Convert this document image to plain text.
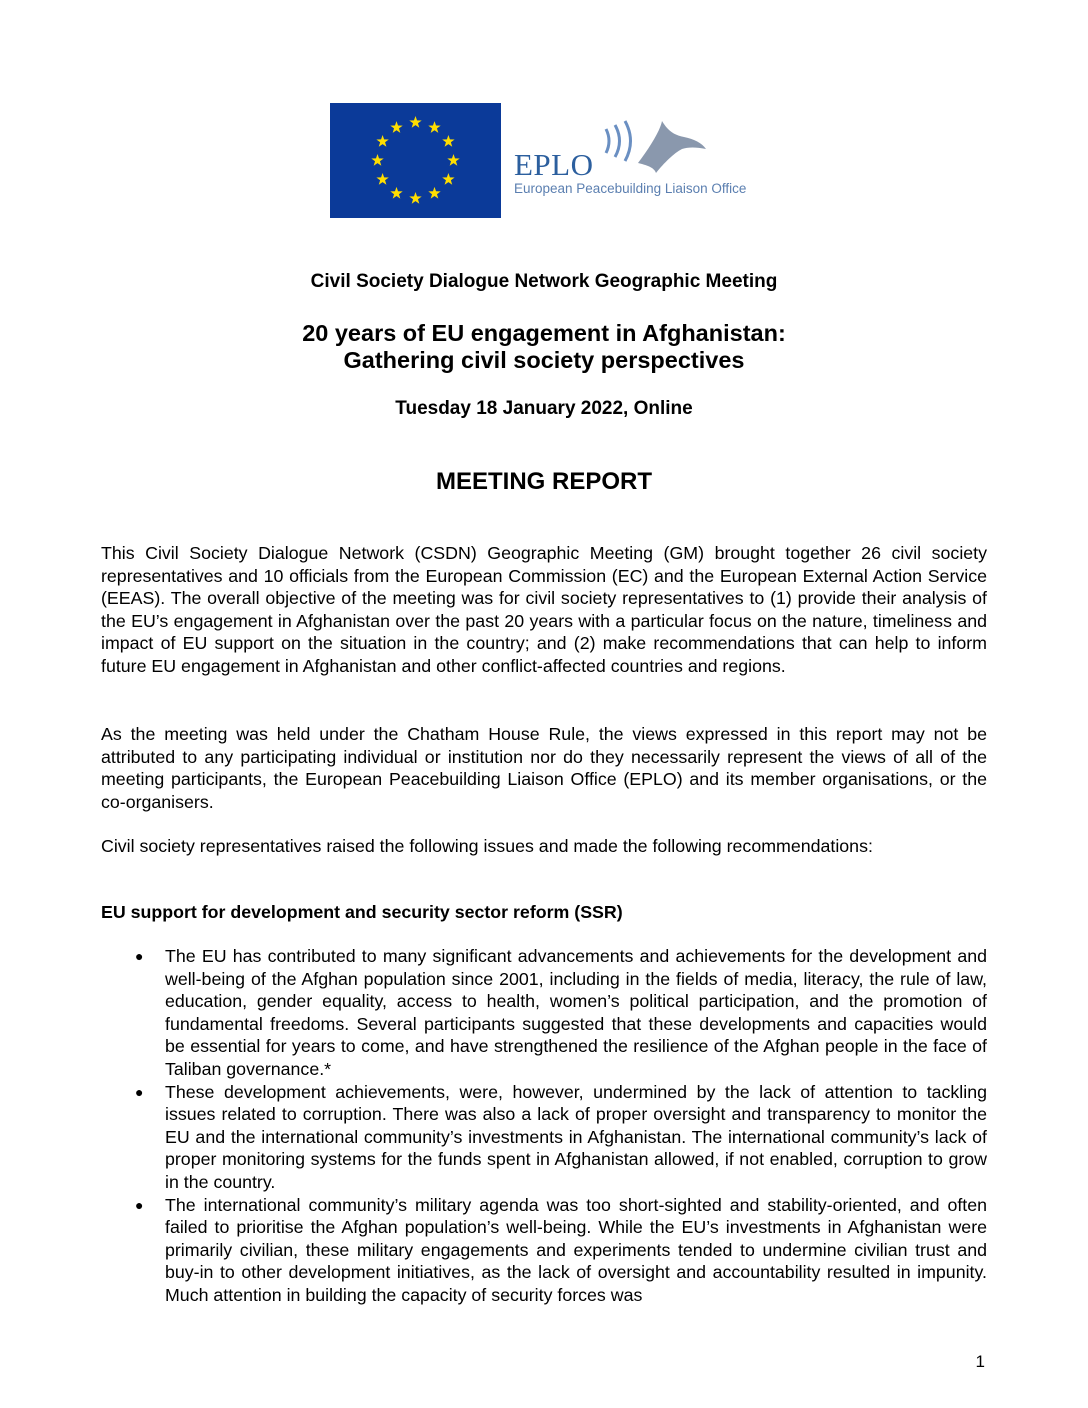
EPLO
European Peacebuilding Liaison Office
Civil Society Dialogue Network Geographic Meeting
20 years of EU engagement in Afghanistan:
Gathering civil society perspectives
Tuesday 18 January 2022, Online
MEETING REPORT

This Civil Society Dialogue Network (CSDN) Geographic Meeting (GM) brought together 26 civil society representatives and 10 officials from the European Commission (EC) and the European External Action Service (EEAS). The overall objective of the meeting was for civil society representatives to (1) provide their analysis of the EU’s engagement in Afghanistan over the past 20 years with a particular focus on the nature, timeliness and impact of EU support on the situation in the country; and (2) make recommendations that can help to inform future EU engagement in Afghanistan and other conflict-affected countries and regions.

As the meeting was held under the Chatham House Rule, the views expressed in this report may not be attributed to any participating individual or institution nor do they necessarily represent the views of all of the meeting participants, the European Peacebuilding Liaison Office (EPLO) and its member organisations, or the co-organisers.

Civil society representatives raised the following issues and made the following recommendations:

EU support for development and security sector reform (SSR)
● The EU has contributed to many significant advancements and achievements for the development and well-being of the Afghan population since 2001, including in the fields of media, literacy, the rule of law, education, gender equality, access to health, women’s political participation, and the promotion of fundamental freedoms. Several participants suggested that these developments and capacities would be essential for years to come, and have strengthened the resilience of the Afghan people in the face of Taliban governance.*
● These development achievements, were, however, undermined by the lack of attention to tackling issues related to corruption. There was also a lack of proper oversight and transparency to monitor the EU and the international community’s investments in Afghanistan. The international community’s lack of proper monitoring systems for the funds spent in Afghanistan allowed, if not enabled, corruption to grow in the country.
● The international community’s military agenda was too short-sighted and stability-oriented, and often failed to prioritise the Afghan population’s well-being. While the EU’s investments in Afghanistan were primarily civilian, these military engagements and experiments tended to undermine civilian trust and buy-in to other development initiatives, as the lack of oversight and accountability resulted in impunity. Much attention in building the capacity of security forces was
1
